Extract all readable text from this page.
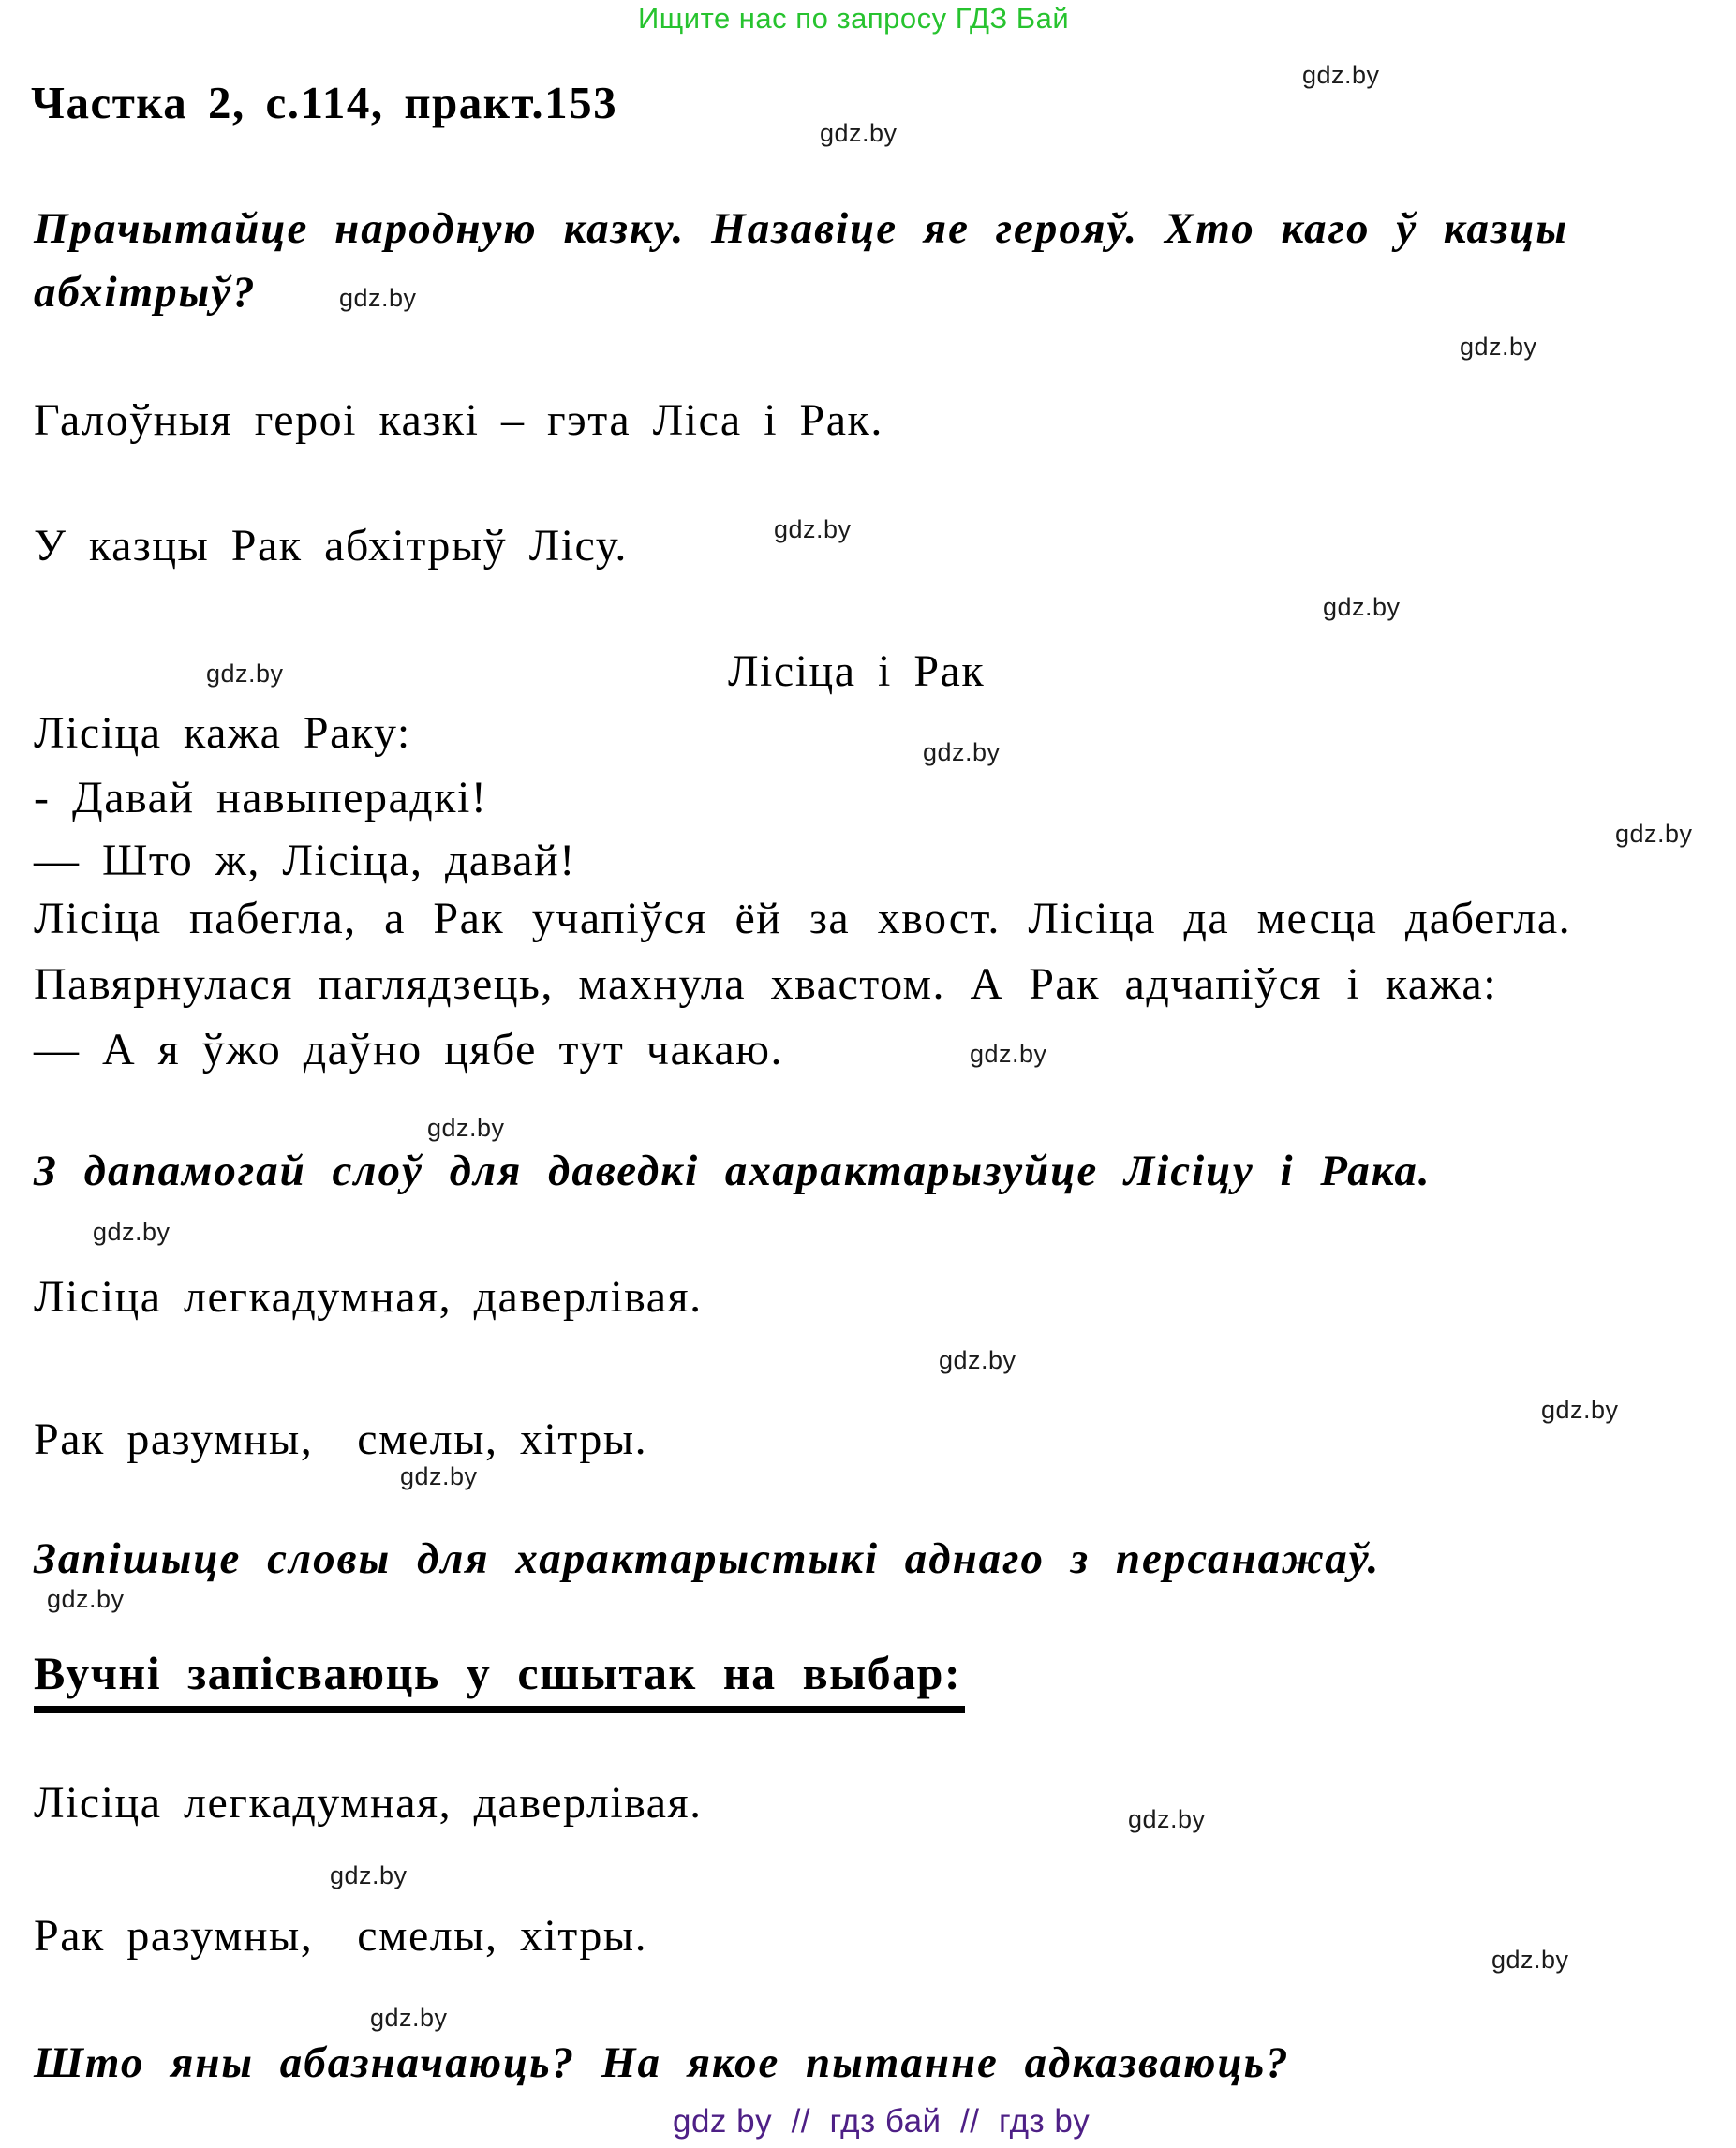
Ищите нас по запросу ГДЗ Бай
gdz.by
gdz.by
gdz.by
gdz.by
gdz.by
gdz.by
gdz.by
gdz.by
gdz.by
gdz.by
gdz.by
gdz.by
gdz.by
gdz.by
gdz.by
gdz.by
gdz.by
gdz.by
gdz.by
gdz.by
Частка 2, с.114, практ.153
Прачытайце народную казку. Назавіце яе герояў. Хто каго ў казцы
абхітрыў?
Галоўныя героі казкі – гэта Ліса і Рак.
У казцы Рак абхітрыў Лісу.
Лісіца і Рак
Лісіца кажа Раку:
- Давай навыперадкі!
— Што ж, Лісіца, давай!
Лісіца пабегла, а Рак учапіўся ёй за хвост. Лісіца да месца дабегла.
Павярнулася паглядзець, махнула хвастом. А Рак адчапіўся і кажа:
— А я ўжо даўно цябе тут чакаю.
З дапамогай слоў для даведкі ахарактарызуйце Лісіцу і Рака.
Лісіца легкадумная, даверлівая.
Рак разумны,  смелы, хітры.
Запішыце словы для характарыстыкі аднаго з персанажаў.
Вучні запісваюць у сшытак на выбар:
Лісіца легкадумная, даверлівая.
Рак разумны,  смелы, хітры.
Што яны абазначаюць? На якое пытанне адказваюць?
gdz by  //  гдз бай  //  гдз by
